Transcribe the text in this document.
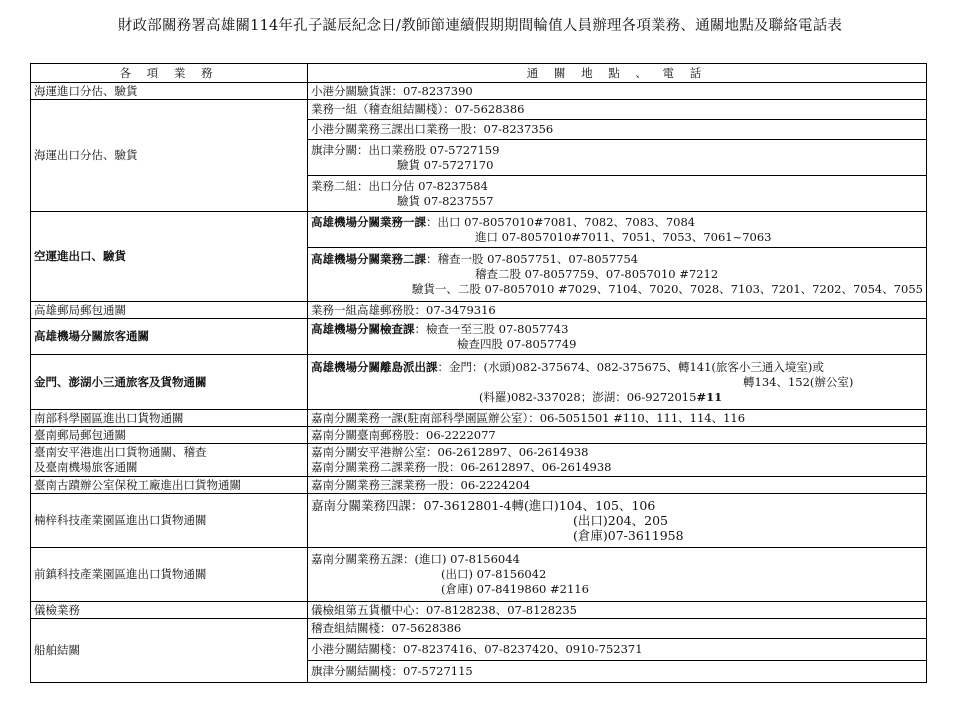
財政部關務署高雄關114年孔子誕辰紀念日/教師節連續假期期間輪值人員辦理各項業務、通關地點及聯絡電話表
各 項 業 務	通 關 地 點 、 電 話
海運進口分估、驗貨	小港分關驗貨課：07-8237390
海運出口分估、驗貨	業務一組（稽查組結關棧）：07-5628386
	小港分關業務三課出口業務一股：07-8237356

	旗津分關：出口業務股 07-5727159
驗貨 07-5727170

	業務二組：出口分估 07-8237584
驗貨 07-8237557

空運進出口、驗貨	高雄機場分關業務一課：出口 07-8057010#7081、7082、7083、7084
進口 07-8057010#7011、7051、7053、7061~7063

	高雄機場分關業務二課：稽查一股 07-8057751、07-8057754
稽查二股 07-8057759、07-8057010 #7212
驗貨一、二股 07-8057010 #7029、7104、7020、7028、7103、7201、7202、7054、7055

高雄郵局郵包通關	業務一組高雄郵務股：07-3479316
高雄機場分關旅客通關	高雄機場分關檢查課：檢查一至三股 07-8057743
檢查四股 07-8057749

金門、澎湖小三通旅客及貨物通關	高雄機場分關離島派出課：金門：(水頭)082-375674、082-375675、轉141(旅客小三通入境室)或
轉134、152(辦公室)
(料羅)082-337028；澎湖：06-9272015#11

南部科學園區進出口貨物通關	嘉南分關業務一課(駐南部科學園區辦公室）：06-5051501 #110、111、114、116
臺南郵局郵包通關	嘉南分關臺南郵務股：06-2222077

臺南安平港進出口貨物通關、稽查
及臺南機場旅客通關	嘉南分關安平港辦公室：06-2612897、06-2614938
嘉南分關業務二課業務一股：06-2612897、06-2614938

臺南古蹟辦公室保稅工廠進出口貨物通關	嘉南分關業務三課業務一股：06-2224204
楠梓科技產業園區進出口貨物通關	嘉南分關業務四課：07-3612801-4轉(進口)104、105、106
(出口)204、205
(倉庫)07-3611958

前鎮科技產業園區進出口貨物通關	嘉南分關業務五課：(進口) 07-8156044
(出口) 07-8156042
(倉庫) 07-8419860 #2116

儀檢業務	儀檢組第五貨櫃中心：07-8128238、07-8128235
船舶結關	稽查組結關棧：07-5628386
	小港分關結關棧：07-8237416、07-8237420、0910-752371
	旗津分關結關棧：07-5727115
